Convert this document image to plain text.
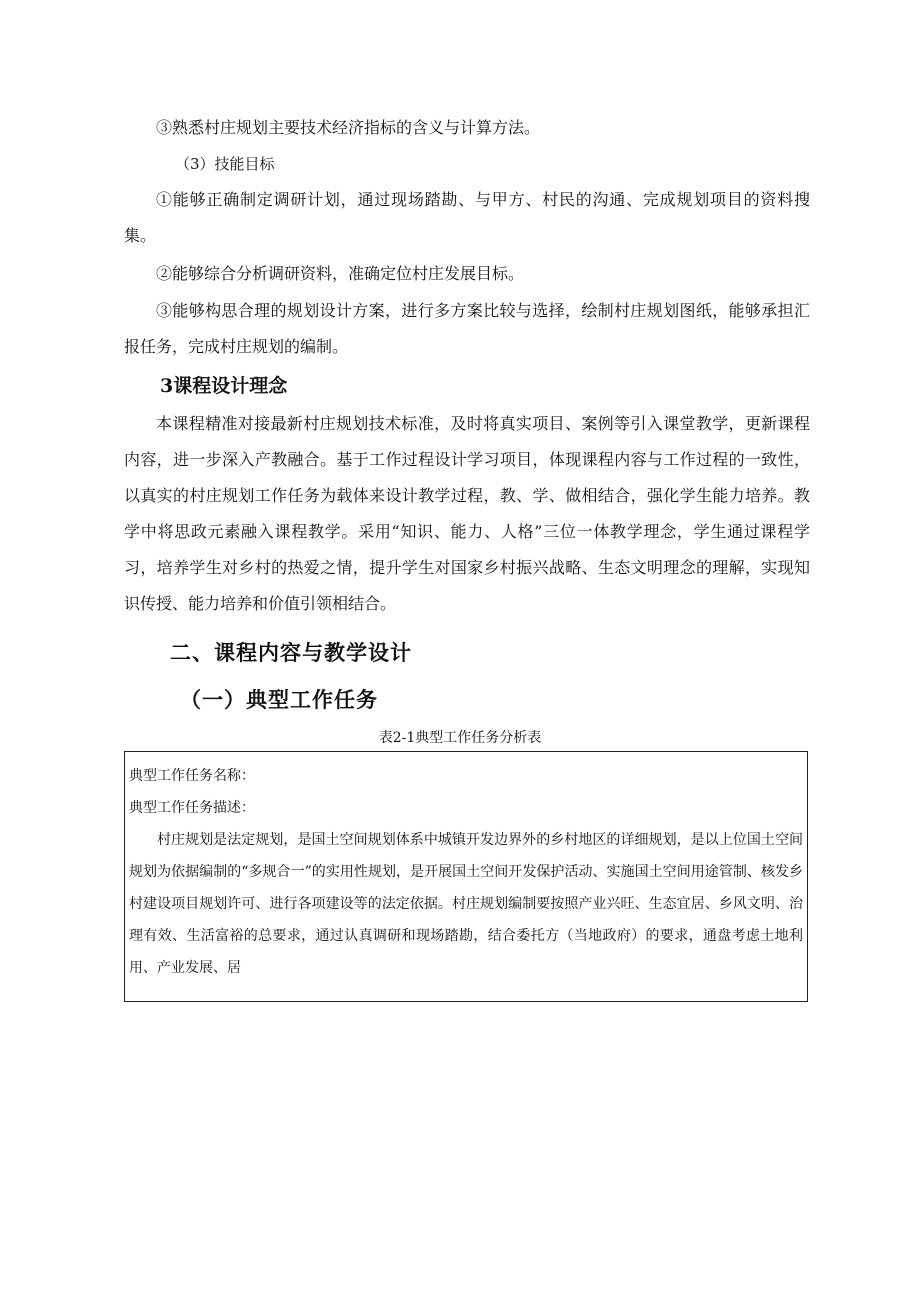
③熟悉村庄规划主要技术经济指标的含义与计算方法。

（3）技能目标

①能够正确制定调研计划，通过现场踏勘、与甲方、村民的沟通、完成规划项目的资料搜集。

②能够综合分析调研资料，准确定位村庄发展目标。

③能够构思合理的规划设计方案，进行多方案比较与选择，绘制村庄规划图纸，能够承担汇报任务，完成村庄规划的编制。

3课程设计理念

本课程精准对接最新村庄规划技术标准，及时将真实项目、案例等引入课堂教学，更新课程内容，进一步深入产教融合。基于工作过程设计学习项目，体现课程内容与工作过程的一致性，以真实的村庄规划工作任务为载体来设计教学过程，教、学、做相结合，强化学生能力培养。教学中将思政元素融入课程教学。采用“知识、能力、人格”三位一体教学理念，学生通过课程学习，培养学生对乡村的热爱之情，提升学生对国家乡村振兴战略、生态文明理念的理解，实现知识传授、能力培养和价值引领相结合。

二、课程内容与教学设计
（一）典型工作任务

表2-1典型工作任务分析表

典型工作任务名称：

典型工作任务描述：

村庄规划是法定规划，是国土空间规划体系中城镇开发边界外的乡村地区的详细规划，是以上位国土空间规划为依据编制的“多规合一”的实用性规划，是开展国土空间开发保护活动、实施国土空间用途管制、核发乡村建设项目规划许可、进行各项建设等的法定依据。村庄规划编制要按照产业兴旺、生态宜居、乡风文明、治理有效、生活富裕的总要求，通过认真调研和现场踏勘，结合委托方（当地政府）的要求，通盘考虑土地利用、产业发展、居
